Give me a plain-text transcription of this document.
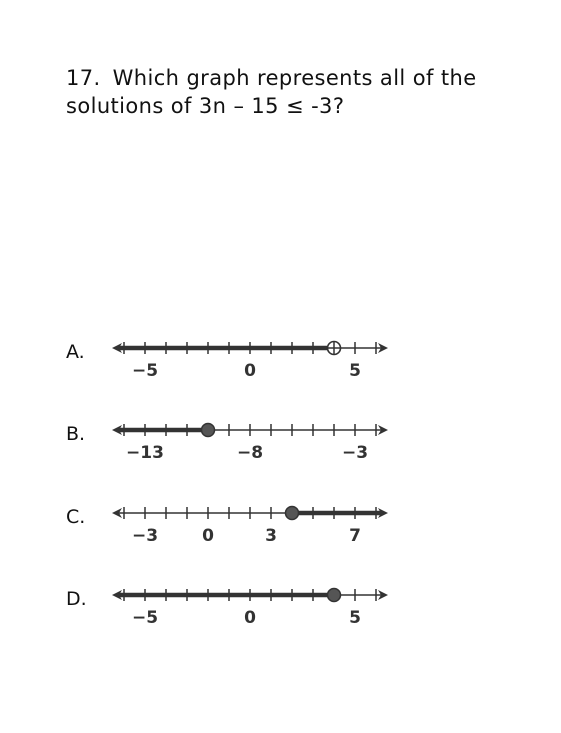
17. Which graph represents all of the solutions of 3n – 15 ≤ -3?

A.
−5	0	5
B.
−13	−8	−3
C.
−3	0	3	7
D.
−5	0	5
